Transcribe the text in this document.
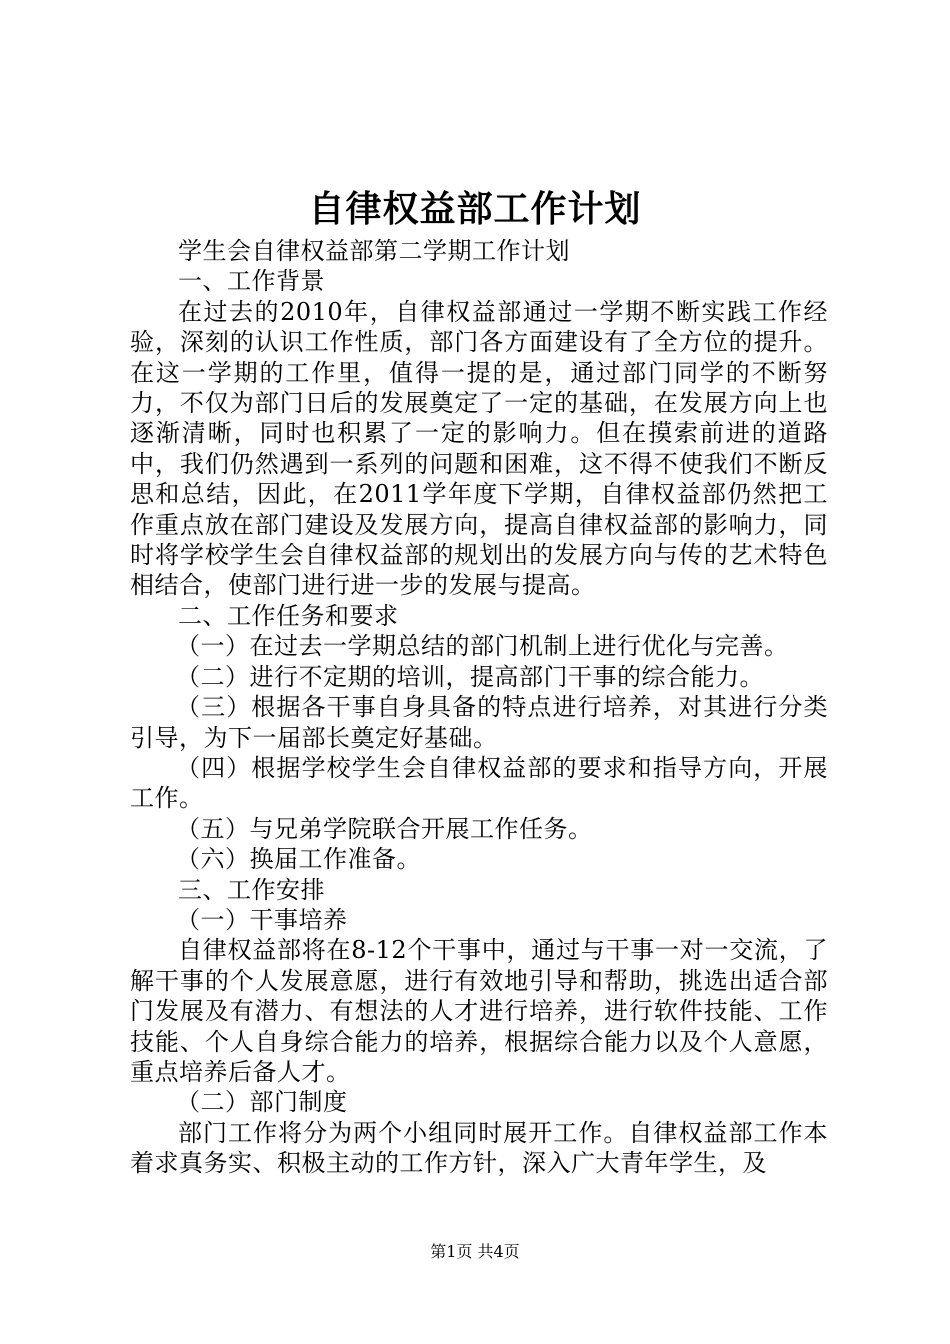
自律权益部工作计划

学生会自律权益部第二学期工作计划

一、工作背景

在过去的2010年，自律权益部通过一学期不断实践工作经验，深刻的认识工作性质，部门各方面建设有了全方位的提升。在这一学期的工作里，值得一提的是，通过部门同学的不断努力，不仅为部门日后的发展奠定了一定的基础，在发展方向上也逐渐清晰，同时也积累了一定的影响力。但在摸索前进的道路中，我们仍然遇到一系列的问题和困难，这不得不使我们不断反思和总结，因此，在2011学年度下学期，自律权益部仍然把工作重点放在部门建设及发展方向，提高自律权益部的影响力，同时将学校学生会自律权益部的规划出的发展方向与传的艺术特色相结合，使部门进行进一步的发展与提高。

二、工作任务和要求

（一）在过去一学期总结的部门机制上进行优化与完善。

（二）进行不定期的培训，提高部门干事的综合能力。

（三）根据各干事自身具备的特点进行培养，对其进行分类引导，为下一届部长奠定好基础。

（四）根据学校学生会自律权益部的要求和指导方向，开展工作。

（五）与兄弟学院联合开展工作任务。

（六）换届工作准备。

三、工作安排

（一）干事培养

自律权益部将在8-12个干事中，通过与干事一对一交流，了解干事的个人发展意愿，进行有效地引导和帮助，挑选出适合部门发展及有潜力、有想法的人才进行培养，进行软件技能、工作技能、个人自身综合能力的培养，根据综合能力以及个人意愿，重点培养后备人才。

（二）部门制度

部门工作将分为两个小组同时展开工作。自律权益部工作本着求真务实、积极主动的工作方针，深入广大青年学生，及

第1页 共4页
